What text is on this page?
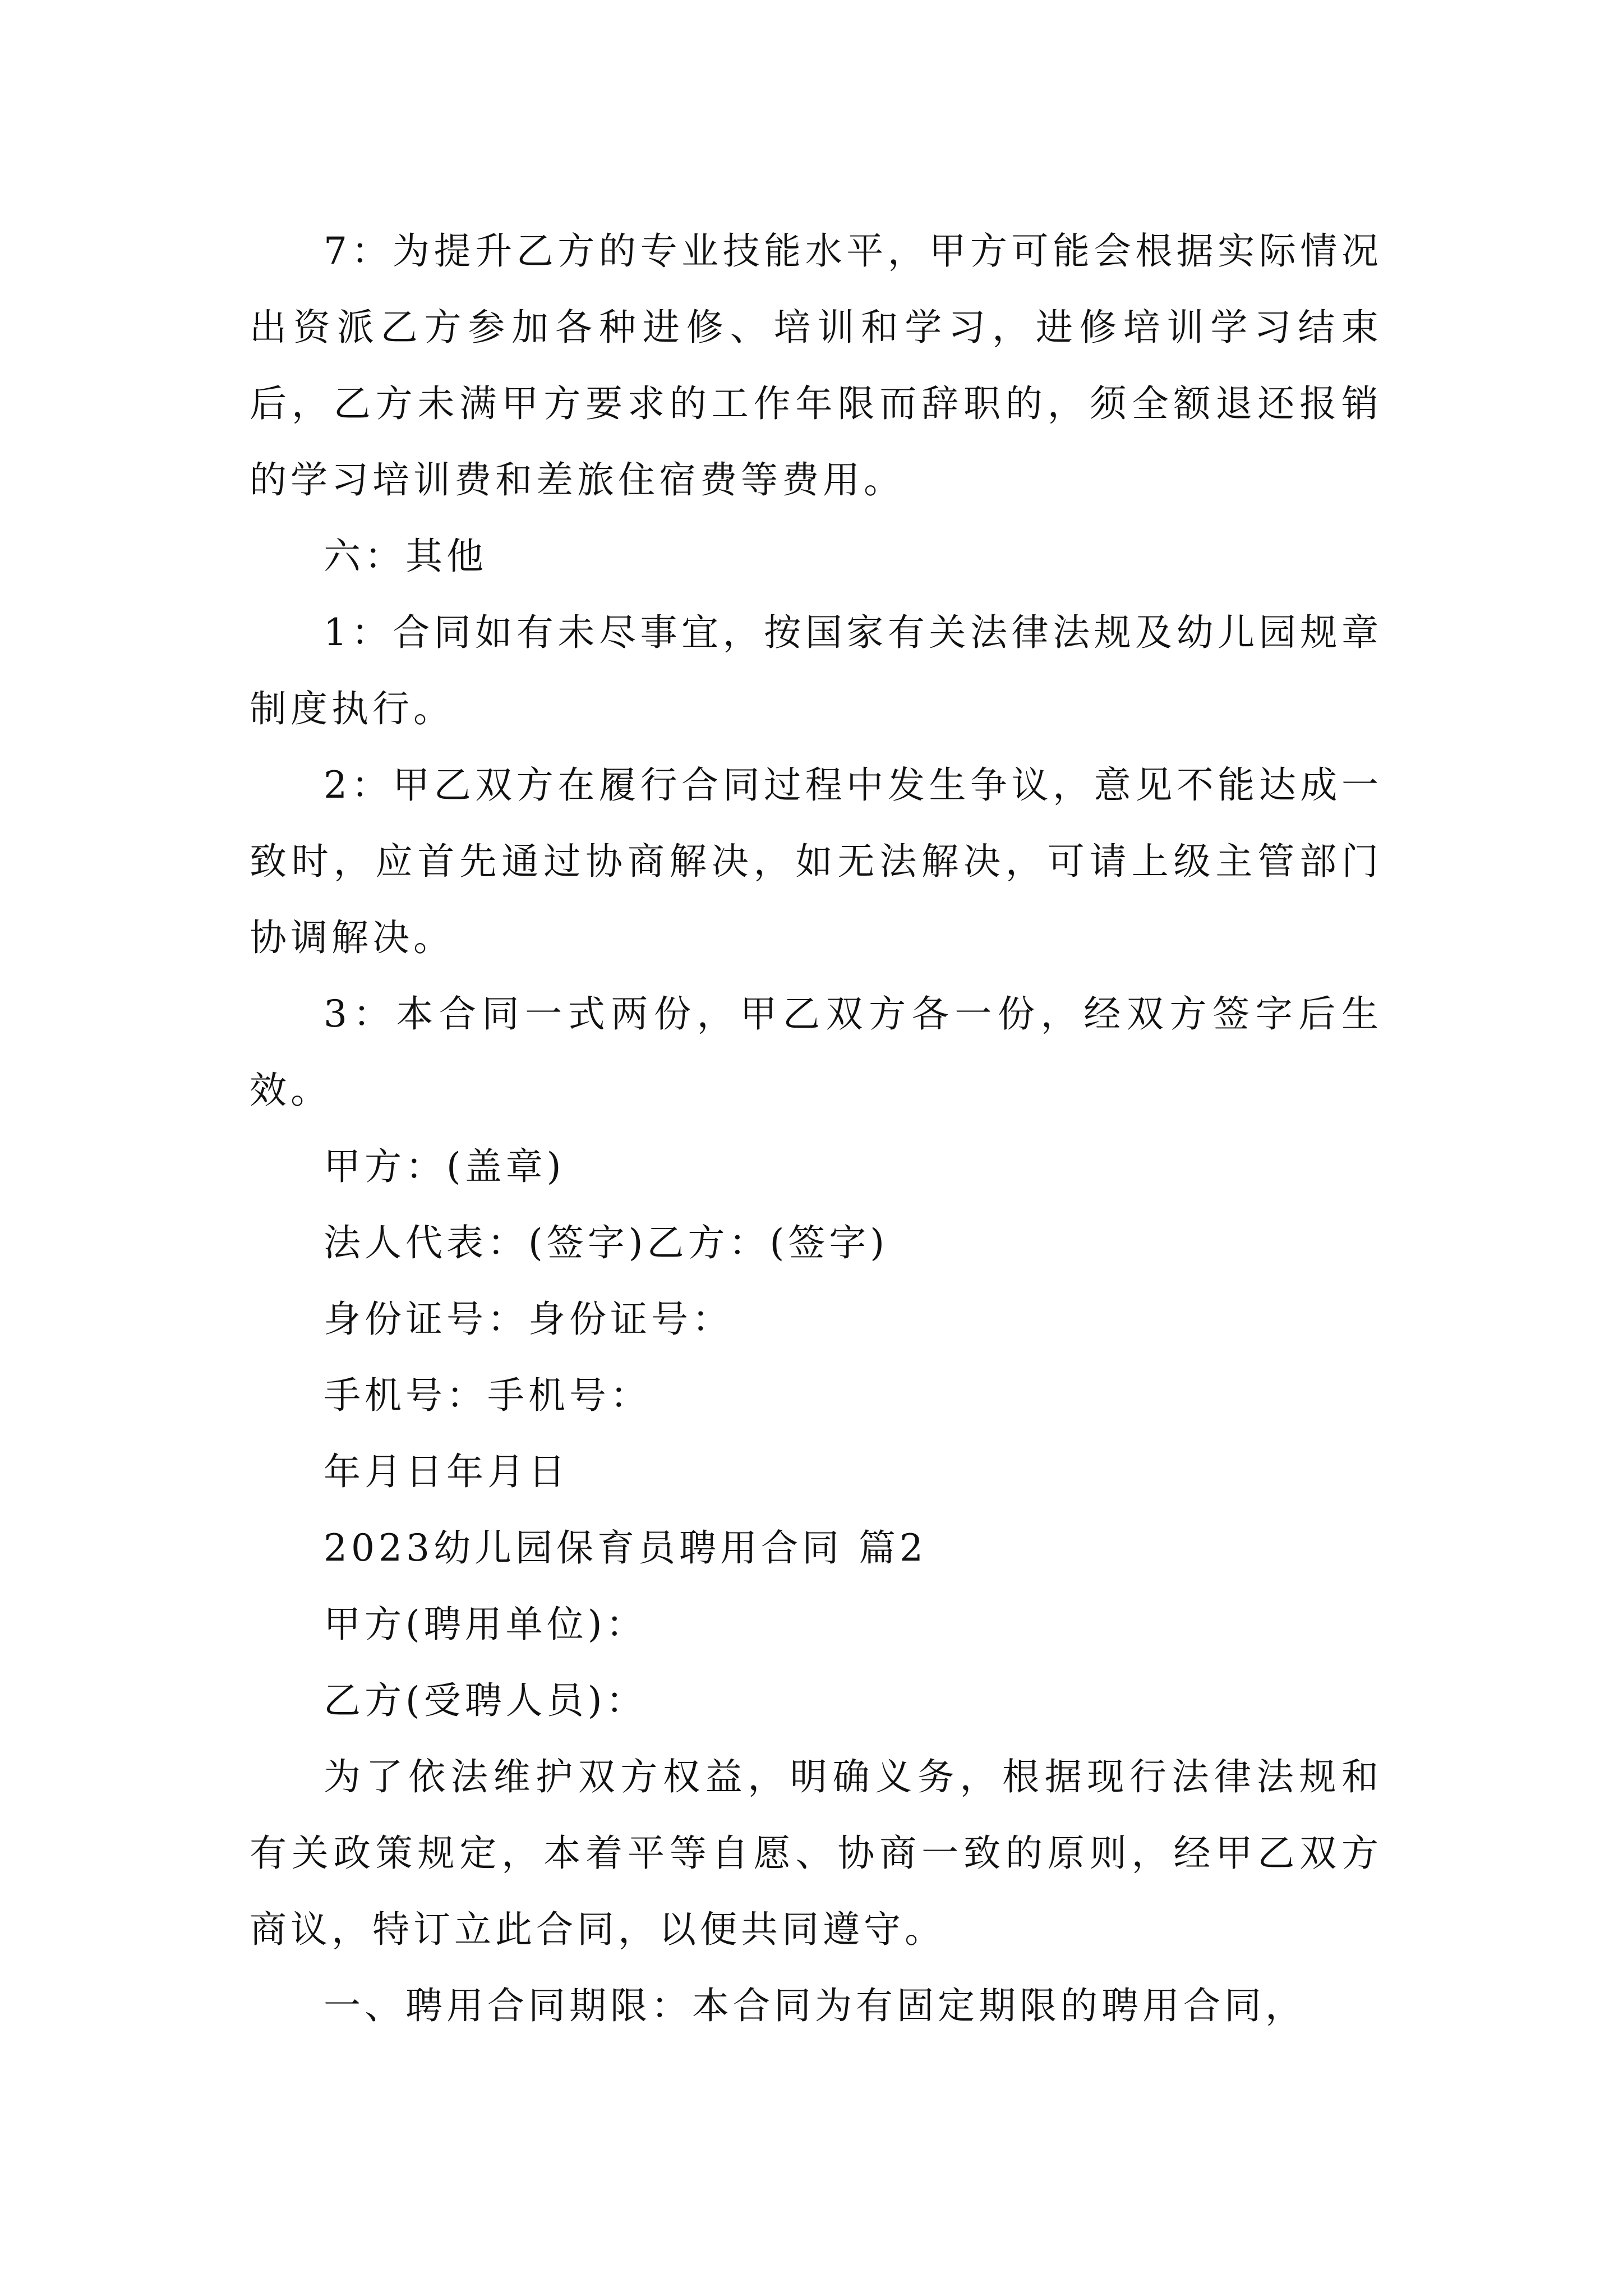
7：为提升乙方的专业技能水平，甲方可能会根据实际情况出资派乙方参加各种进修、培训和学习，进修培训学习结束后，乙方未满甲方要求的工作年限而辞职的，须全额退还报销的学习培训费和差旅住宿费等费用。

六：其他

1：合同如有未尽事宜，按国家有关法律法规及幼儿园规章制度执行。

2：甲乙双方在履行合同过程中发生争议，意见不能达成一致时，应首先通过协商解决，如无法解决，可请上级主管部门协调解决。

3：本合同一式两份，甲乙双方各一份，经双方签字后生效。

甲方：(盖章)

法人代表：(签字)乙方：(签字)

身份证号：身份证号：

手机号：手机号：

年月日年月日

2023幼儿园保育员聘用合同 篇2

甲方(聘用单位)：

乙方(受聘人员)：

为了依法维护双方权益，明确义务，根据现行法律法规和有关政策规定，本着平等自愿、协商一致的原则，经甲乙双方商议，特订立此合同，以便共同遵守。

一、聘用合同期限：本合同为有固定期限的聘用合同，
